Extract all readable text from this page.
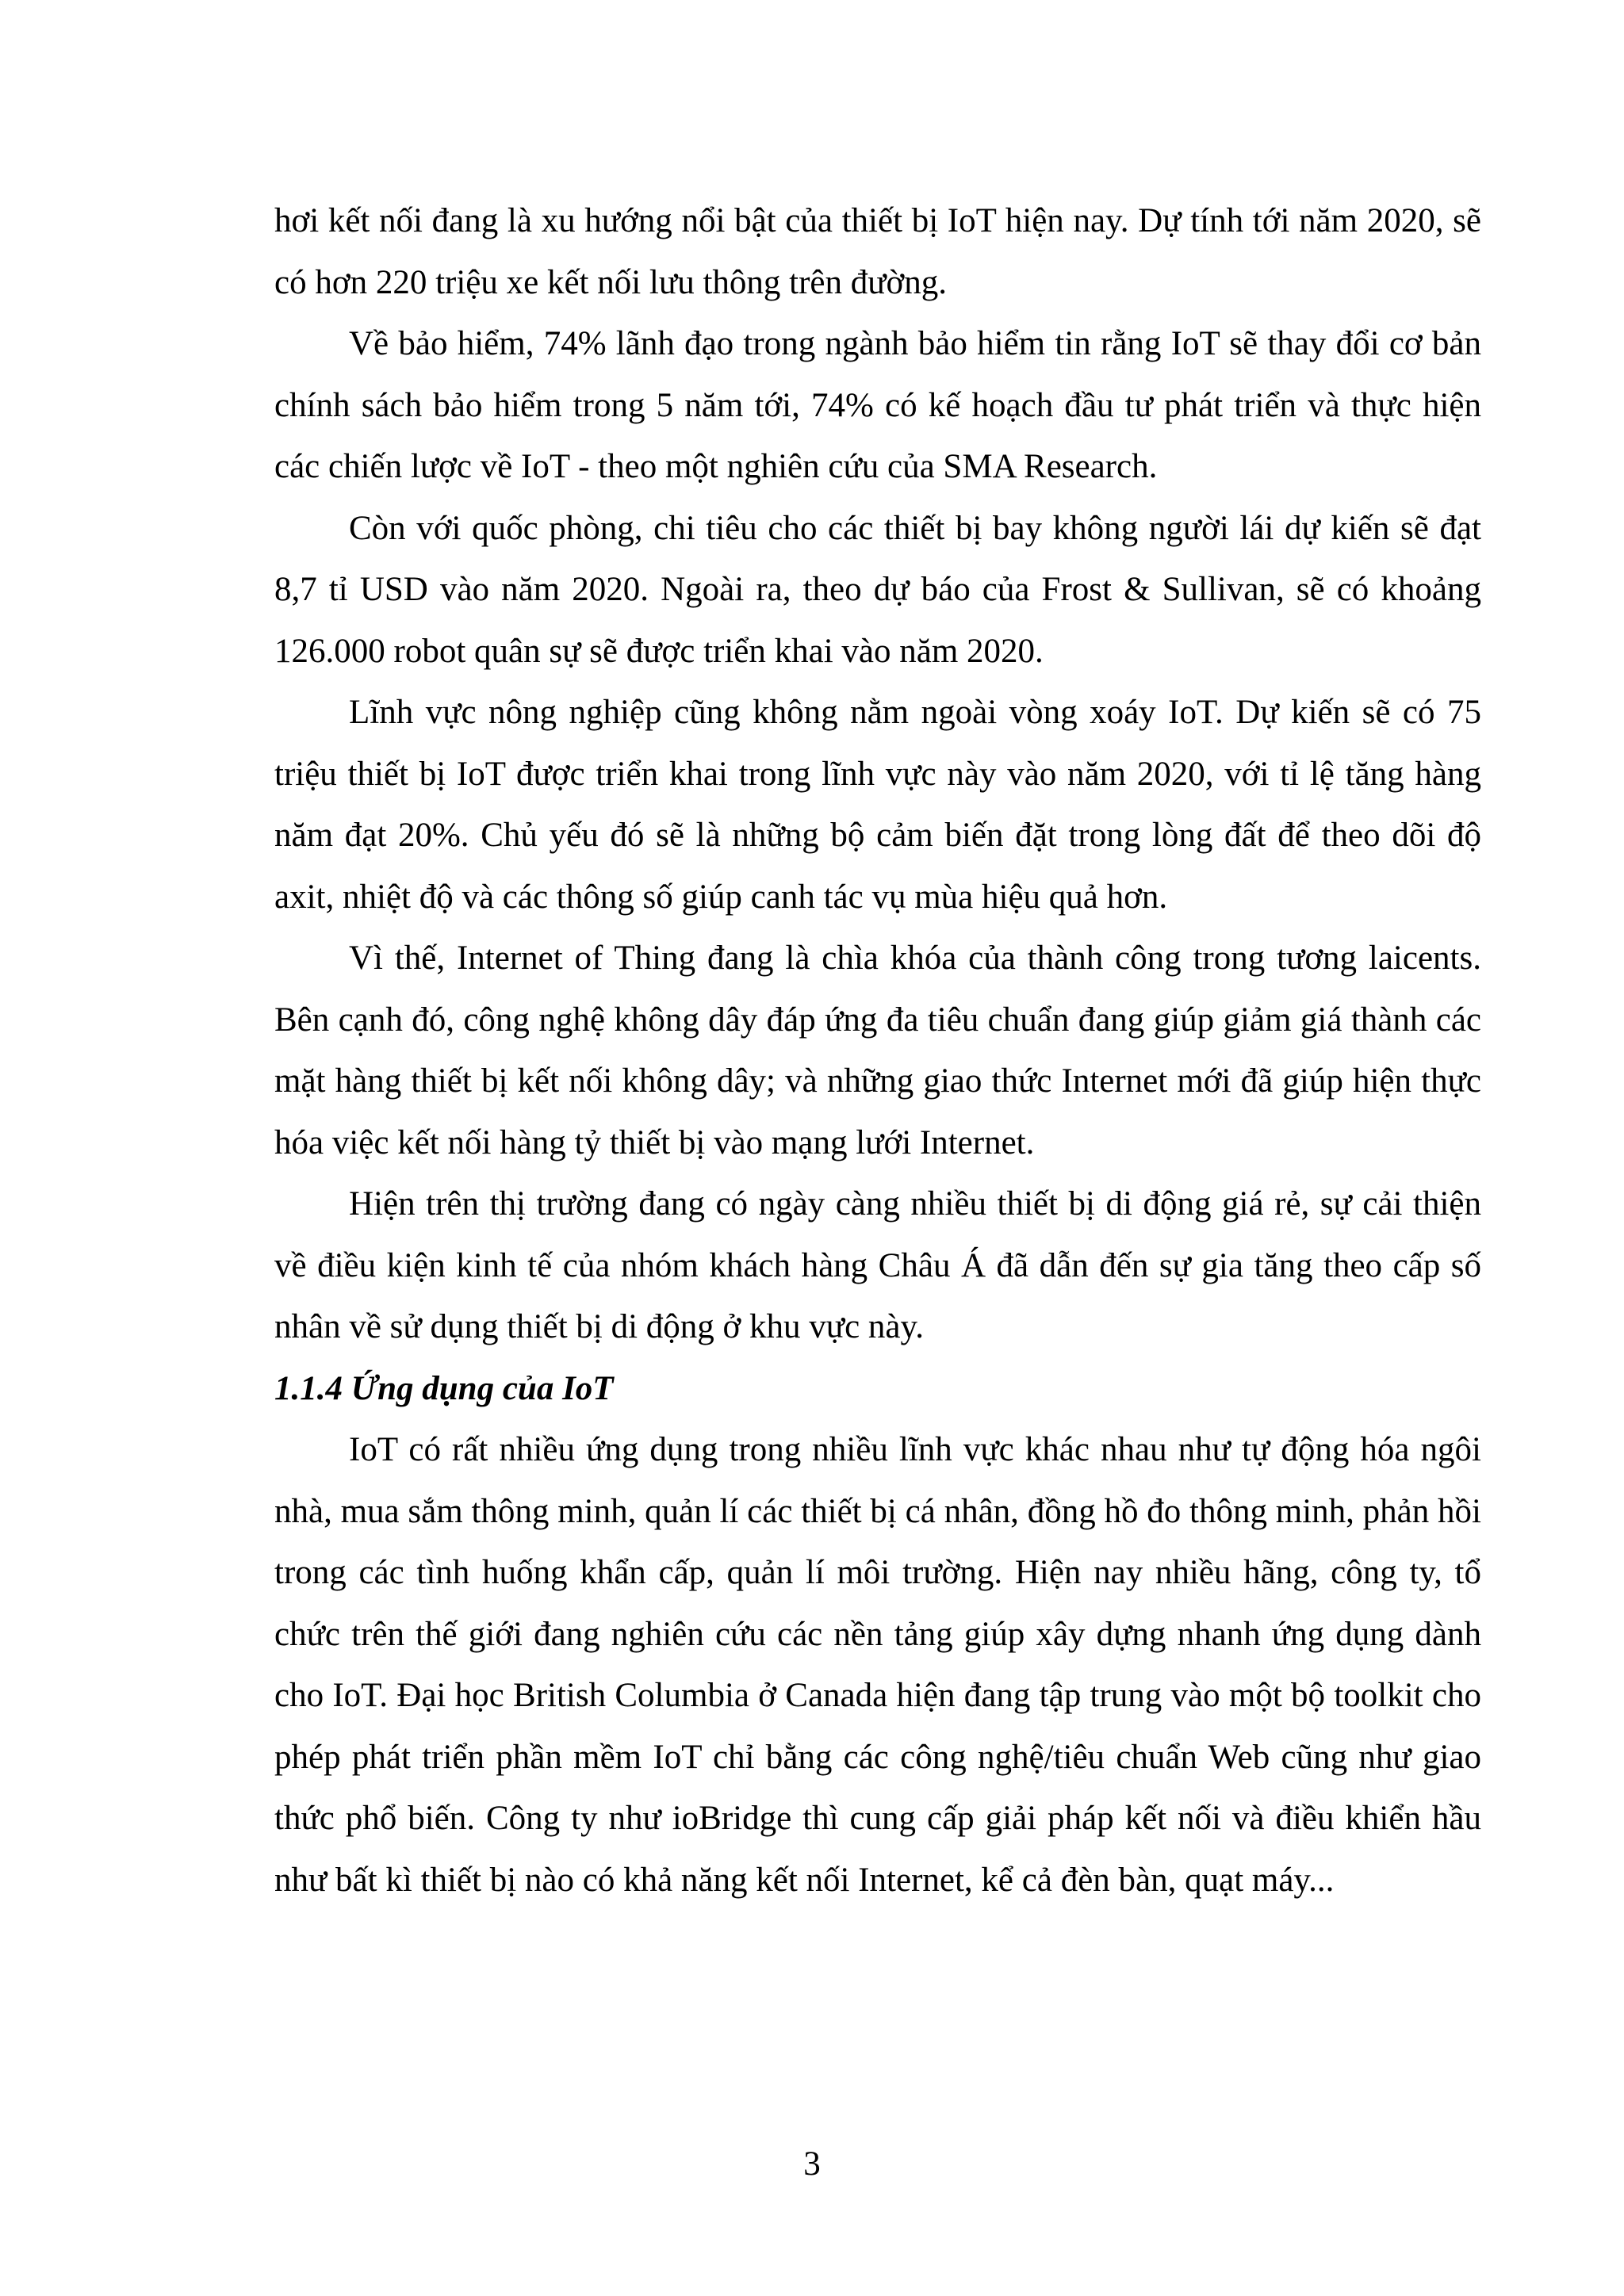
hơi kết nối đang là xu hướng nổi bật của thiết bị IoT hiện nay. Dự tính tới năm 2020, sẽ có hơn 220 triệu xe kết nối lưu thông trên đường.

Về bảo hiểm, 74% lãnh đạo trong ngành bảo hiểm tin rằng IoT sẽ thay đổi cơ bản chính sách bảo hiểm trong 5 năm tới, 74% có kế hoạch đầu tư phát triển và thực hiện các chiến lược về IoT - theo một nghiên cứu của SMA Research.

Còn với quốc phòng, chi tiêu cho các thiết bị bay không người lái dự kiến sẽ đạt 8,7 tỉ USD vào năm 2020. Ngoài ra, theo dự báo của Frost & Sullivan, sẽ có khoảng 126.000 robot quân sự sẽ được triển khai vào năm 2020.

Lĩnh vực nông nghiệp cũng không nằm ngoài vòng xoáy IoT. Dự kiến sẽ có 75 triệu thiết bị IoT được triển khai trong lĩnh vực này vào năm 2020, với tỉ lệ tăng hàng năm đạt 20%. Chủ yếu đó sẽ là những bộ cảm biến đặt trong lòng đất để theo dõi độ axit, nhiệt độ và các thông số giúp canh tác vụ mùa hiệu quả hơn.

Vì thế, Internet of Thing đang là chìa khóa của thành công trong tương laicents. Bên cạnh đó, công nghệ không dây đáp ứng đa tiêu chuẩn đang giúp giảm giá thành các mặt hàng thiết bị kết nối không dây; và những giao thức Internet mới đã giúp hiện thực hóa việc kết nối hàng tỷ thiết bị vào mạng lưới Internet.

Hiện trên thị trường đang có ngày càng nhiều thiết bị di động giá rẻ, sự cải thiện về điều kiện kinh tế của nhóm khách hàng Châu Á đã dẫn đến sự gia tăng theo cấp số nhân về sử dụng thiết bị di động ở khu vực này.

1.1.4 Ứng dụng của IoT

IoT có rất nhiều ứng dụng trong nhiều lĩnh vực khác nhau như tự động hóa ngôi nhà, mua sắm thông minh, quản lí các thiết bị cá nhân, đồng hồ đo thông minh, phản hồi trong các tình huống khẩn cấp, quản lí môi trường. Hiện nay nhiều hãng, công ty, tổ chức trên thế giới đang nghiên cứu các nền tảng giúp xây dựng nhanh ứng dụng dành cho IoT. Đại học British Columbia ở Canada hiện đang tập trung vào một bộ toolkit cho phép phát triển phần mềm IoT chỉ bằng các công nghệ/tiêu chuẩn Web cũng như giao thức phổ biến. Công ty như ioBridge thì cung cấp giải pháp kết nối và điều khiển hầu như bất kì thiết bị nào có khả năng kết nối Internet, kể cả đèn bàn, quạt máy...

3
